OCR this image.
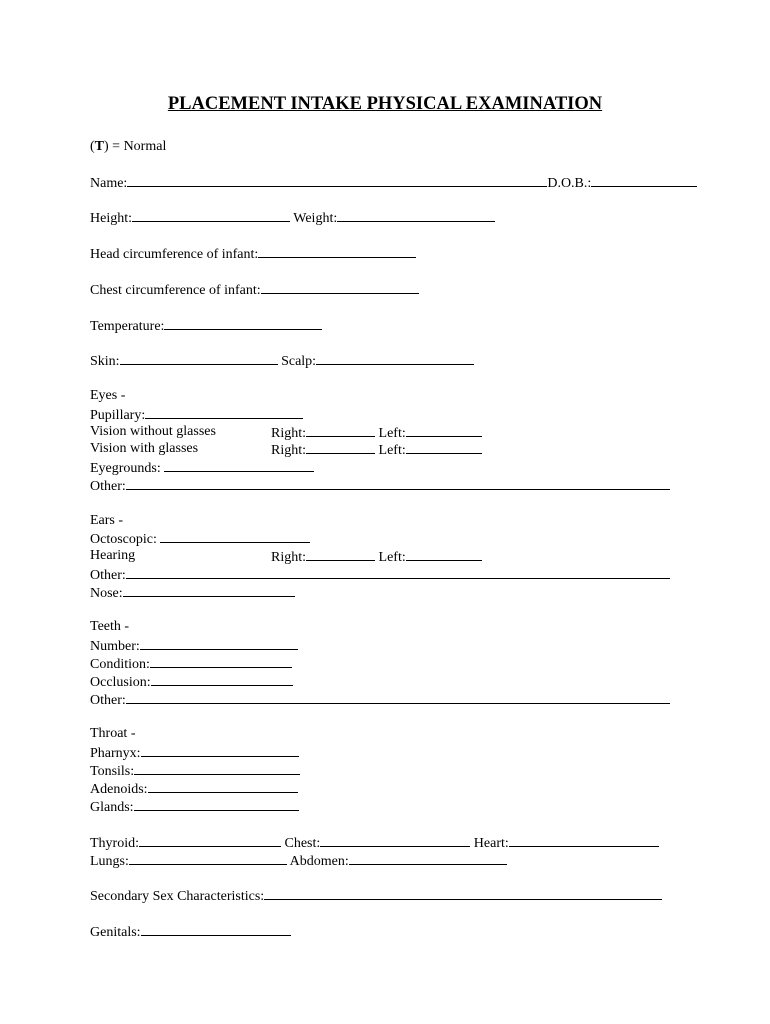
PLACEMENT INTAKE PHYSICAL EXAMINATION
(T) = Normal
Name:	D.O.B.:
Height:	Weight:
Head circumference of infant:
Chest circumference of infant:
Temperature:
Skin:	Scalp:
Eyes -
Pupillary:
Vision without glasses	Right:	Left:
Vision with glasses	Right:	Left:
Eyegrounds:
Other:
Ears -
Octoscopic:
Hearing	Right:	Left:
Other:
Nose:
Teeth -
Number:
Condition:
Occlusion:
Other:
Throat -
Pharnyx:
Tonsils:
Adenoids:
Glands:
Thyroid:	Chest:	Heart:
Lungs:	Abdomen:
Secondary Sex Characteristics:
Genitals:
